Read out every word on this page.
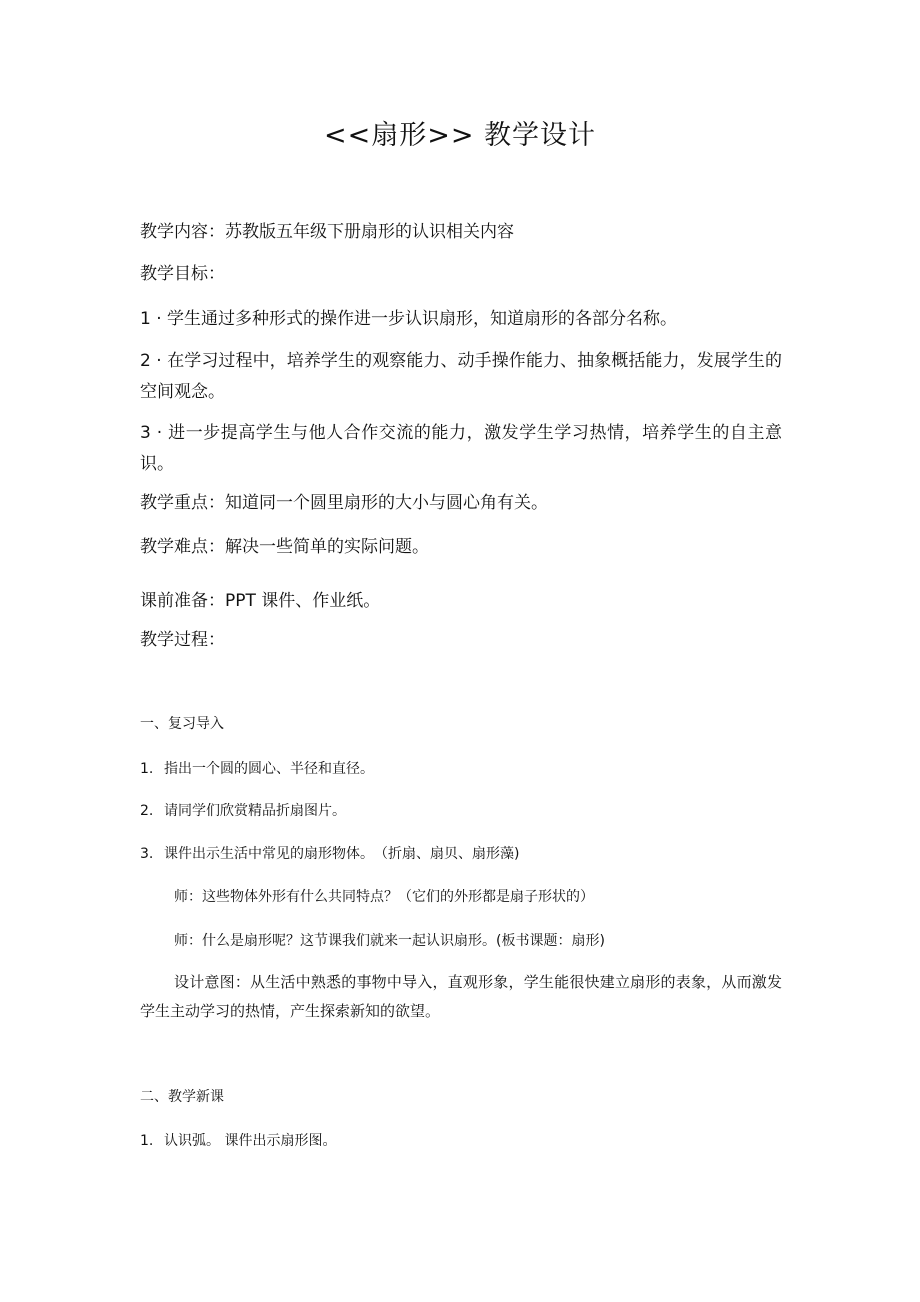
<<扇形>> 教学设计
教学内容：苏教版五年级下册扇形的认识相关内容
教学目标：
1 · 学生通过多种形式的操作进一步认识扇形，知道扇形的各部分名称。
2 · 在学习过程中，培养学生的观察能力、动手操作能力、抽象概括能力，发展学生的空间观念。
3 · 进一步提高学生与他人合作交流的能力，激发学生学习热情，培养学生的自主意识。
教学重点：知道同一个圆里扇形的大小与圆心角有关。
教学难点：解决一些简单的实际问题。
课前准备：PPT 课件、作业纸。
教学过程：
一、复习导入
1. 指出一个圆的圆心、半径和直径。
2. 请同学们欣赏精品折扇图片。
3. 课件出示生活中常见的扇形物体。　（折扇、扇贝、扇形藻)
师：这些物体外形有什么共同特点？（它们的外形都是扇子形状的）
师：什么是扇形呢？这节课我们就来一起认识扇形。(板书课题：扇形)
设计意图：从生活中熟悉的事物中导入，直观形象，学生能很快建立扇形的表象，从而激发学生主动学习的热情，产生探索新知的欲望。
二、教学新课
1. 认识弧。 课件出示扇形图。
